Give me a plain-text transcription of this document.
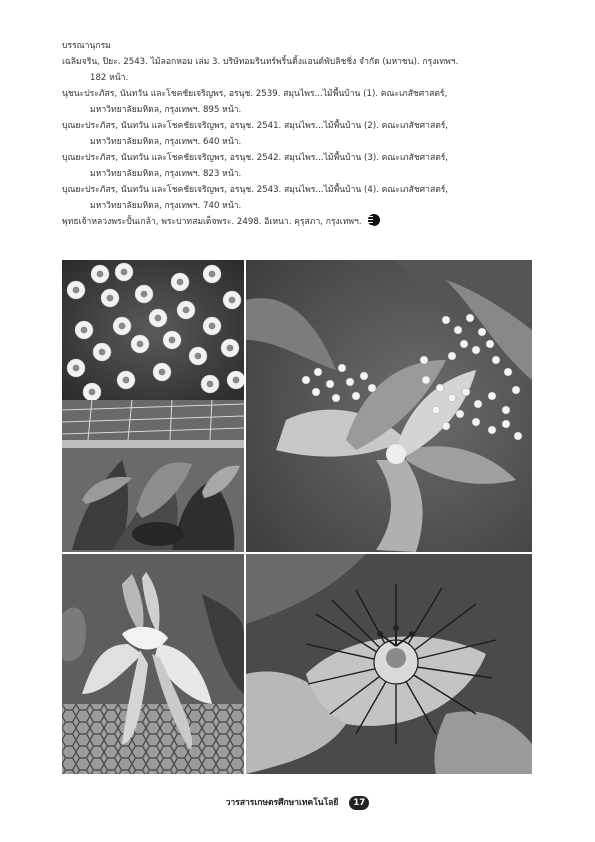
บรรณานุกรม
เฉลิมจริน, ปิยะ. 2543. ไม้ลอกหอม เล่ม 3. บริษัทอมรินทร์พริ้นติ้งแอนด์พับลิชชิ่ง จำกัด (มหาชน). กรุงเทพฯ.
182 หน้า.
นุชนะประภัสร, นันทวัน และโชคชัยเจริญพร, อรนุช. 2539. สมุนไพร...ไม้พื้นบ้าน (1). คณะเภสัชศาสตร์,
มหาวิทยาลัยมหิดล, กรุงเทพฯ. 895 หน้า.
บุณยะประภัสร, นันทวัน และโชคชัยเจริญพร, อรนุช. 2541. สมุนไพร...ไม้พื้นบ้าน (2). คณะเภสัชศาสตร์,
มหาวิทยาลัยมหิดล, กรุงเทพฯ. 640 หน้า.
บุณยะประภัสร, นันทวัน และโชคชัยเจริญพร, อรนุช. 2542. สมุนไพร...ไม้พื้นบ้าน (3). คณะเภสัชศาสตร์,
มหาวิทยาลัยมหิดล, กรุงเทพฯ. 823 หน้า.
บุณยะประภัสร, นันทวัน และโชคชัยเจริญพร, อรนุช. 2543. สมุนไพร...ไม้พื้นบ้าน (4). คณะเภสัชศาสตร์,
มหาวิทยาลัยมหิดล, กรุงเทพฯ. 740 หน้า.
พุทธเจ้าหลวงพระปั้นเกล้า, พระบาทสมเด็จพระ. 2498. อิเหนา. คุรุสภา, กรุงเทพฯ.
วารสารเกษตรศึกษาเทคโนโลยี 17
